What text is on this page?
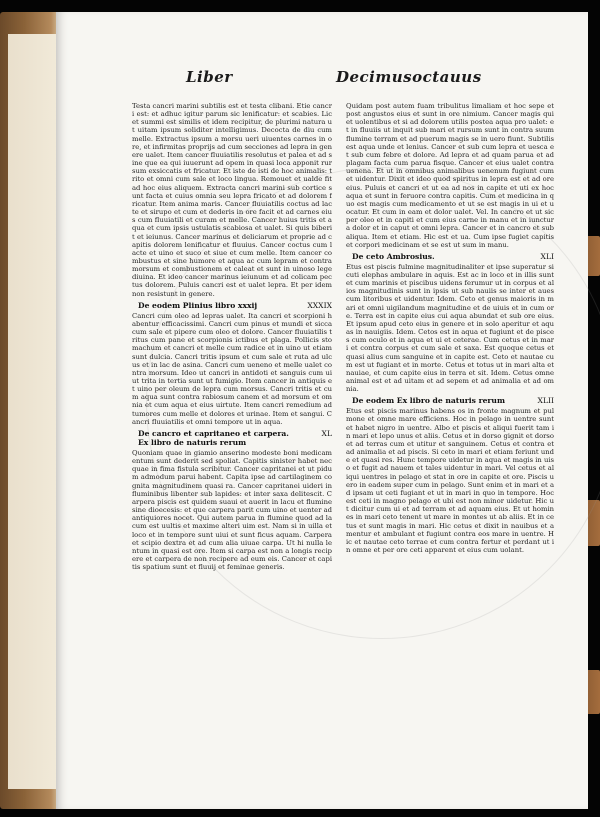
Liber	Decimusoctauus

Testa cancri marini subtilis est et testa clibani. Etie cancri est: et adhuc igitur parum sic lenificatur: et scabies. Licet summi est similis et idem recipitur, de plurimi natura ut uitam ipsum soliditer intelligimus. Decocta de diu cum melle. Extractus ipsum a morsu ueri uiuentes carnes in ore, et infirmitas proprijs ad cum secciones ad lepra in genere ualet. Item cancer fluuiatilis resolutus et palea et ad sine que ea qui iuuerunt ad opem in quasi loca apponit rursum exsiccatis et fricatur. Et iste de isti de hoc animalis: trito et omni cum sale et loco lingua. Remouet et ualde fit ad hoc eius aliquem. Extracta cancri marini sub cortice sunt facta et cuius omnia seu lepra fricato et ad dolorem fricatur. Item anima maris. Cancer fluuiatilis coctus ad lacte et sirupo et cum et dederis in ore facit et ad carnes eius cum fluuiatili et curam et melle. Cancer huius tritis et aqua et cum ipsis ustulatis scabiosa et ualet. Si quis biberit et ieiunus. Cancer marinus et deliciarum et proprie ad capitis dolorem lenificatur et fluuius. Cancer coctus cum lacte et uino et suco et siue et cum melle. Item cancer combustus et sine humore et aqua ac cum lepram et contra morsum et combustionem et caleat et sunt in uinoso lege diuina. Et ideo cancer marinus ieiunum et ad colicam pectus dolorem. Puluis cancri est et ualet lepra. Et per idem non resistunt in genere.

De eodem Plinius libro xxxij	XXXIX

Cancri cum oleo ad lepras ualet. Ita cancri et scorpioni habentur efficacissimi. Cancri cum pinus et mundi et sicca cum sale et pipere cum oleo et dolore. Cancer fluuiatilis tritus cum pane et scorpionis ictibus et plaga. Pollicis stomachum et cancri et melle cum radice et in uino ut etiam sunt dulcia. Cancri tritis ipsum et cum sale et ruta ad ulcus et in lac de asina. Cancri cum ueneno et melle ualet contra morsum. Ideo ut cancri in antidoti et sanguis cum ui ut trita in tertia sunt ut fumigio. Item cancer in antiquis et uino per oleum de lepra cum morsus. Cancri tritis et cum aqua sunt contra rabiosum canem et ad morsum et omnia et cum aqua et eius uirtute. Item cancri remedium ad tumores cum melle et dolores et urinae. Item et sangui. Cancri fluuiatilis et omni tempore ut in aqua.

XL
De cancro et capritaneo et carpera.
Ex libro de naturis rerum

Quoniam quae in giamio anserino modeste boni medicamentum sunt dederit sed spoliat. Capitis sinister habet nec quae in fima fistula scribitur. Cancer capritanei et ut pidum admodum parui habent. Capita ipse ad cartilaginem cognita magnitudinem quasi ra. Cancer capritanei uideri in fluminibus libenter sub lapides: et inter saxa delitescit. Carpera piscis est quidem suaui et auerit in lacu et flumine sine dioecesis: et que carpera parit cum uino et uenter ad antiquiores nocet. Qui autem parua in flumine quod ad lacum est uultis et maxime alteri uim est. Nam si in uilla et loco et in tempore sunt uiui et sunt ficus aquam. Carpera et scipio dextra et ad cum alia uiuae carpa. Ut hi nulla lentum in quasi est ore. Item si carpa est non a longis recipere et carpera de non recipere ad eum eis. Cancer et capitis spatium sunt et fluuij et feminae generis.

Quidam post autem fuam tribulitus limaliam et hoc sepe et post angustos eius et sunt in ore nimium. Cancer magis qui et uolentibus et si ad dolorem utilis postea aqua pro ualet: et in fluuiis ut inquit sub mari et rursum sunt in contra suum flumine terram et ad puerum magis se in uero fiunt. Subtilis est aqua unde et lenius. Cancer et sub cum lepra et uesca et sub cum febre et dolore. Ad lepra et ad quam parua et ad plagam facta cum parua fisque. Cancer et eius ualet contra uenena. Et ut in omnibus animalibus uenenum fugiunt cum et uidentur. Dixit et ideo quod spiritus in lepra est et ad ore eius. Puluis et cancri et ut ea ad nos in capite et uti ex hoc aqua et sunt in feruore contra capitis. Cum et medicina in quo est magis cum medicamento et ut se est magis in ui et uocatur. Et cum in eam et dolor ualet. Vel. In cancro et ut sic per oleo et in capiti et cum eius carne in manu et in iunctura dolor et in caput et omni lepra. Cancer et in cancro et sub aliqua. Item et etiam. Hic est et ua. Cum ipse fugiet capitis et corpori medicinam et se est ut sum in manu.

XLI
De ceto Ambrosius.

Etus est piscis fulmine magnitudinaliter et ipse superatur sicuti elephas ambulare in aquis. Est ac in loco et in illis sunt et cum marinis et piscibus uidens ferumur ut in corpus et alios magnitudinis sunt in ipsis ut sub nauiis se inter et aues cum litoribus et uidentur. Idem. Ceto et genus maioris in mari et omni uigilandum magnitudine et de uiuis et in cum ore. Terra est in capite eius cui aqua abundat et sub ore eius. Et ipsum apud ceto eius in genere et in solo aperitur et aquas in nauigiis. Idem. Cetos est in aqua et fugiunt et de pisces cum oculo et in aqua et ui et ceterae. Cum cetus et in mari et contra corpus et cum sale et saxa. Est quoque cetus et quasi alius cum sanguine et in capite est. Ceto et nautae cum est ut fugiant et in morte. Cetus et totus ut in mari alta et nauiae, et cum capite eius in terra et sit. Idem. Cetus omne animal est et ad uitam et ad sepem et ad animalia et ad omnia.

XLII
De eodem Ex libro de naturis rerum

Etus est piscis marinus habens os in fronte magnum et pulmone et omne mare efficiens. Hoc in pelago in uentre sunt et habet nigro in uentre. Albo et piscis et aliqui fuerit tam in mari et lepo unus et aliis. Cetus et in dorso gignit et dorso et ad terras cum et utitur et sanguinem. Cetus et contra et ad animalia et ad piscis. Si ceto in mari et etiam feriunt unde et quasi res. Hunc tempore uidetur in aqua et magis in uiso et fugit ad nauem et tales uidentur in mari. Vel cetus et aliqui uentres in pelago et stat in ore in capite et ore. Piscis uero in eadem super cum in pelago. Sunt enim et in mari et ad ipsam ut ceti fugiant et ut in mari in quo in tempore. Hoc est ceti in magno pelago et ubi est non minor uidetur. Hic ut dicitur cum ui et ad terram et ad aquam eius. Et ut homines in mari ceto tenent ut mare in montes ut ab aliis. Et in cetus et sunt magis in mari. Hic cetus et dixit in nauibus et amentur et ambulant et fugiunt contra eos mare in uentre. Hic et nautae ceto terrae et cum contra fertur et perdant ut in omne et per ore ceti apparent et eius cum uolant.
